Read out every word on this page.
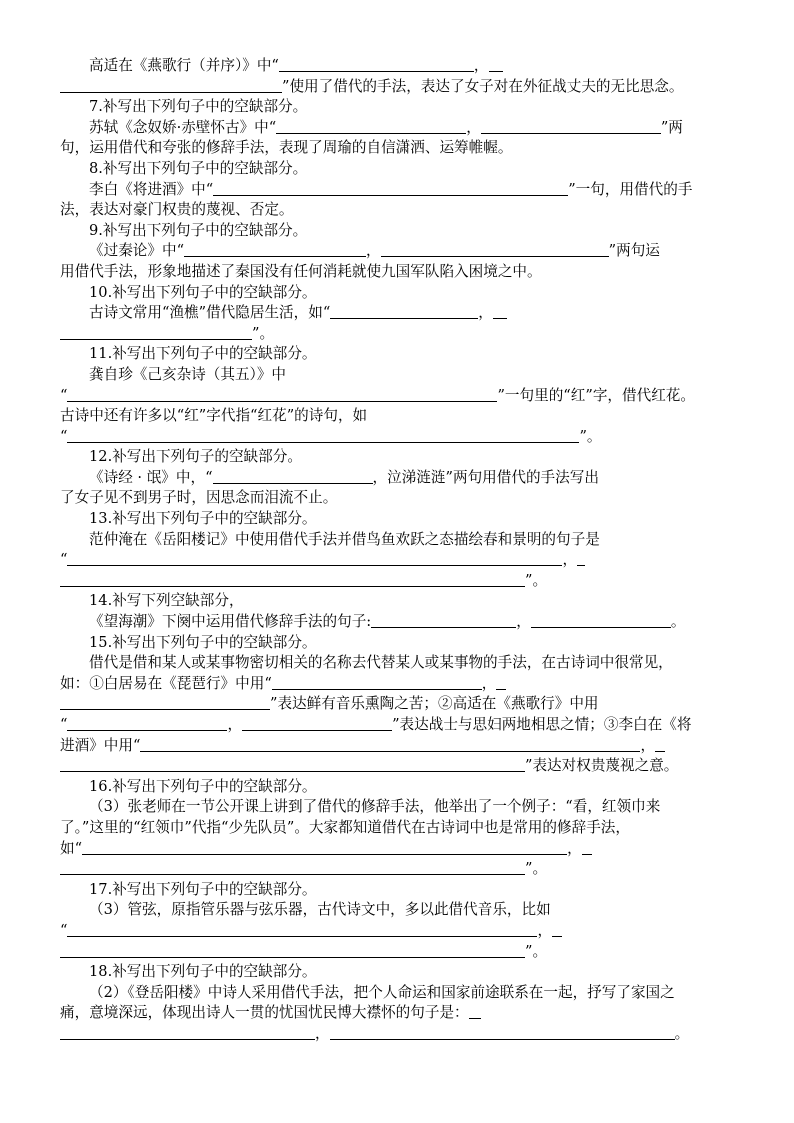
高适在《燕歌行（并序）》中“	，
”使用了借代的手法，表达了女子对在外征战丈夫的无比思念。
7.补写出下列句子中的空缺部分。
苏轼《念奴娇·赤壁怀古》中“	，	”两
句，运用借代和夸张的修辞手法，表现了周瑜的自信潇洒、运筹帷幄。
8.补写出下列句子中的空缺部分。
李白《将进酒》中“	”一句，用借代的手
法，表达对豪门权贵的蔑视、否定。
9.补写出下列句子中的空缺部分。
《过秦论》中“	，	”两句运
用借代手法，形象地描述了秦国没有任何消耗就使九国军队陷入困境之中。
10.补写出下列句子中的空缺部分。
古诗文常用“渔樵”借代隐居生活，如“	，
”。
11.补写出下列句子中的空缺部分。
龚自珍《己亥杂诗（其五）》中
“	”一句里的“红”字，借代红花。
古诗中还有许多以“红”字代指“红花”的诗句，如
“	”。
12.补写出下列句子的空缺部分。
《诗经 · 氓》中，“	，泣涕涟涟”两句用借代的手法写出
了女子见不到男子时，因思念而泪流不止。
13.补写出下列句子中的空缺部分。
范仲淹在《岳阳楼记》中使用借代手法并借鸟鱼欢跃之态描绘春和景明的句子是
“	，
”。
14.补写下列空缺部分，
《望海潮》下阕中运用借代修辞手法的句子:	，	。
15.补写出下列句子中的空缺部分。
借代是借和某人或某事物密切相关的名称去代替某人或某事物的手法，在古诗词中很常见，
如：①白居易在《琵琶行》中用“	，
”表达鲜有音乐熏陶之苦；②高适在《燕歌行》中用
“	，	”表达战士与思妇两地相思之情；③李白在《将
进酒》中用“	，
”表达对权贵蔑视之意。
16.补写出下列句子中的空缺部分。
（3）张老师在一节公开课上讲到了借代的修辞手法，他举出了一个例子：“看，红领巾来
了。”这里的“红领巾”代指“少先队员”。大家都知道借代在古诗词中也是常用的修辞手法，
如“	，
”。
17.补写出下列句子中的空缺部分。
（3）管弦，原指管乐器与弦乐器，古代诗文中，多以此借代音乐，比如
“	，
”。
18.补写出下列句子中的空缺部分。
（2）《登岳阳楼》中诗人采用借代手法，把个人命运和国家前途联系在一起，抒写了家国之
痛，意境深远，体现出诗人一贯的忧国忧民博大襟怀的句子是：
，	。
